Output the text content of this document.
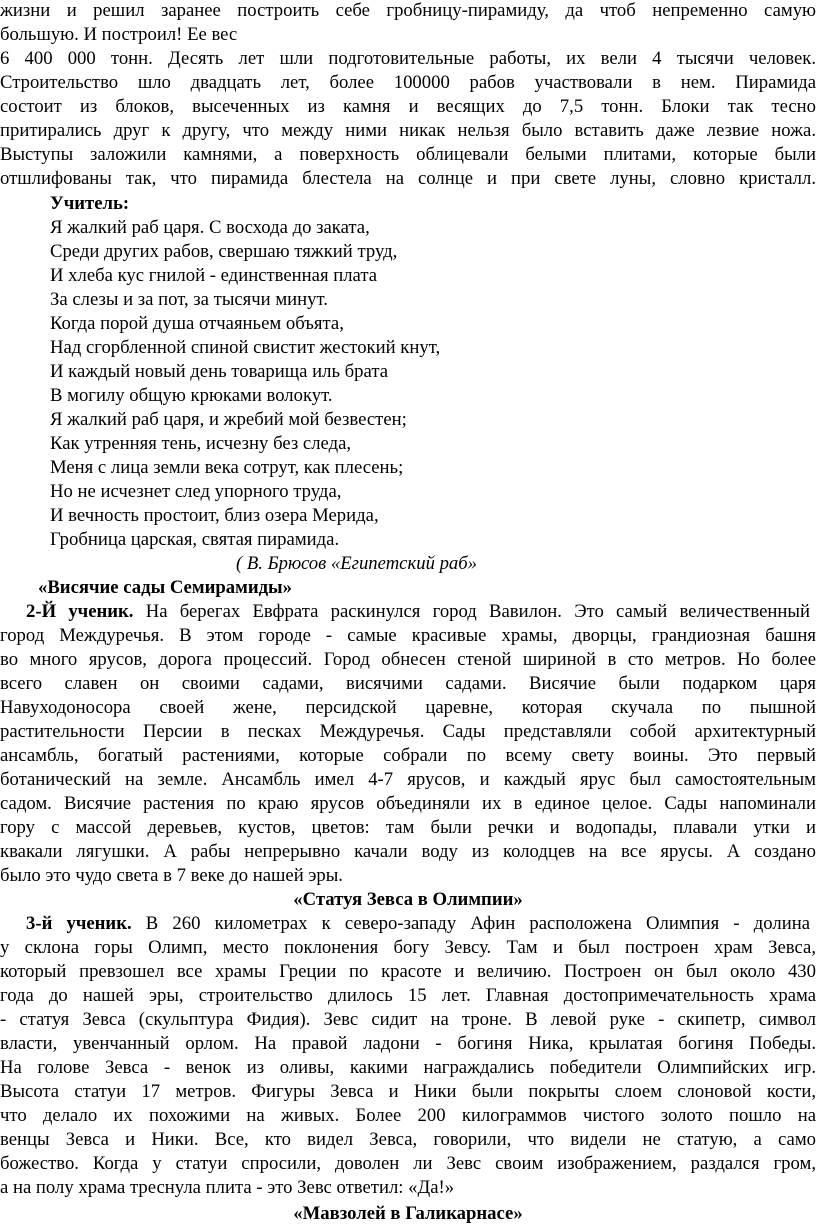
жизни и решил заранее построить себе гробницу-пирамиду, да чтоб непременно самую
большую. И построил! Ее вес
6 400 000 тонн. Десять лет шли подготовительные работы, их вели 4 тысячи человек.
Строительство шло двадцать лет, более 100000 рабов участвовали в нем. Пирамида
состоит из блоков, высеченных из камня и весящих до 7,5 тонн. Блоки так тесно
притирались друг к другу, что между ними никак нельзя было вставить даже лезвие ножа.
Выступы заложили камнями, а поверхность облицевали белыми плитами, которые были
отшлифованы так, что пирамида блестела на солнце и при свете луны, словно кристалл.
Учитель:
Я жалкий раб царя. С восхода до заката,
Среди других рабов, свершаю тяжкий труд,
И хлеба кус гнилой - единственная плата
За слезы и за пот, за тысячи минут.
Когда порой душа отчаяньем объята,
Над сгорбленной спиной свистит жестокий кнут,
И каждый новый день товарища иль брата
В могилу общую крюками волокут.
Я жалкий раб царя, и жребий мой безвестен;
Как утренняя тень, исчезну без следа,
Меня с лица земли века сотрут, как плесень;
Но не исчезнет след упорного труда,
И вечность простоит, близ озера Мерида,
Гробница царская, святая пирамида.
( В. Брюсов «Египетский раб»
«Висячие сады Семирамиды»
2-Й ученик. На берегах Евфрата раскинулся город Вавилон. Это самый величественный
город Междуречья. В этом городе - самые красивые храмы, дворцы, грандиозная башня
во много ярусов, дорога процессий. Город обнесен стеной шириной в сто метров. Но более
всего славен он своими садами, висячими садами. Висячие были подарком царя
Навуходоносора своей жене, персидской царевне, которая скучала по пышной
растительности Персии в песках Междуречья. Сады представляли собой архитектурный
ансамбль, богатый растениями, которые собрали по всему свету воины. Это первый
ботанический на земле. Ансамбль имел 4-7 ярусов, и каждый ярус был самостоятельным
садом. Висячие растения по краю ярусов объединяли их в единое целое. Сады напоминали
гору с массой деревьев, кустов, цветов: там были речки и водопады, плавали утки и
квакали лягушки. А рабы непрерывно качали воду из колодцев на все ярусы. А создано
было это чудо света в 7 веке до нашей эры.
«Статуя Зевса в Олимпии»
3-й ученик. В 260 километрах к северо-западу Афин расположена Олимпия - долина
у склона горы Олимп, место поклонения богу Зевсу. Там и был построен храм Зевса,
который превзошел все храмы Греции по красоте и величию. Построен он был около 430
года до нашей эры, строительство длилось 15 лет. Главная достопримечательность храма
- статуя Зевса (скульптура Фидия). Зевс сидит на троне. В левой руке - скипетр, символ
власти, увенчанный орлом. На правой ладони - богиня Ника, крылатая богиня Победы.
На голове Зевса - венок из оливы, какими награждались победители Олимпийских игр.
Высота статуи 17 метров. Фигуры Зевса и Ники были покрыты слоем слоновой кости,
что делало их похожими на живых. Более 200 килограммов чистого золото пошло на
венцы Зевса и Ники. Все, кто видел Зевса, говорили, что видели не статую, а само
божество. Когда у статуи спросили, доволен ли Зевс своим изображением, раздался гром,
а на полу храма треснула плита - это Зевс ответил: «Да!»
«Мавзолей в Галикарнасе»
